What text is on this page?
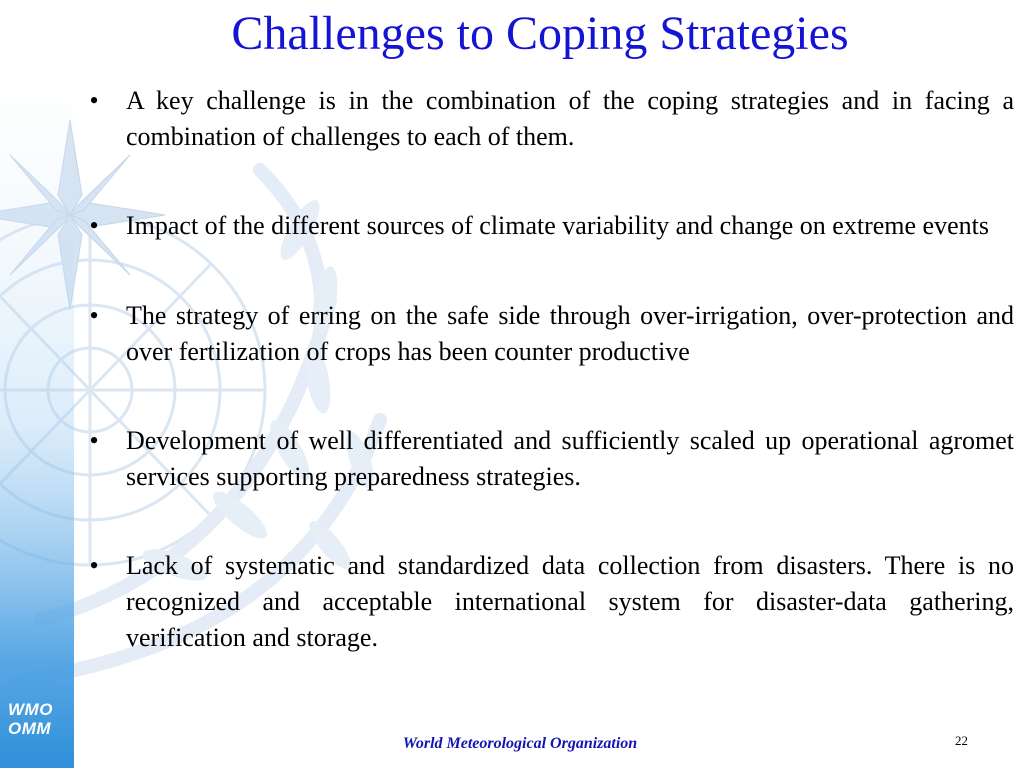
WMO
OMM
Challenges to Coping Strategies
• A key challenge is in the combination of the coping strategies and in facing a combination of challenges to each of them.
• Impact of the different sources of climate variability and change on extreme events
• The strategy of erring on the safe side through over-irrigation, over-protection and over fertilization of crops has been counter productive
• Development of well differentiated and sufficiently scaled up operational agromet services supporting preparedness strategies.
• Lack of systematic and standardized data collection from disasters. There is no recognized and acceptable international system for disaster-data gathering, verification and storage.
World Meteorological Organization	22
